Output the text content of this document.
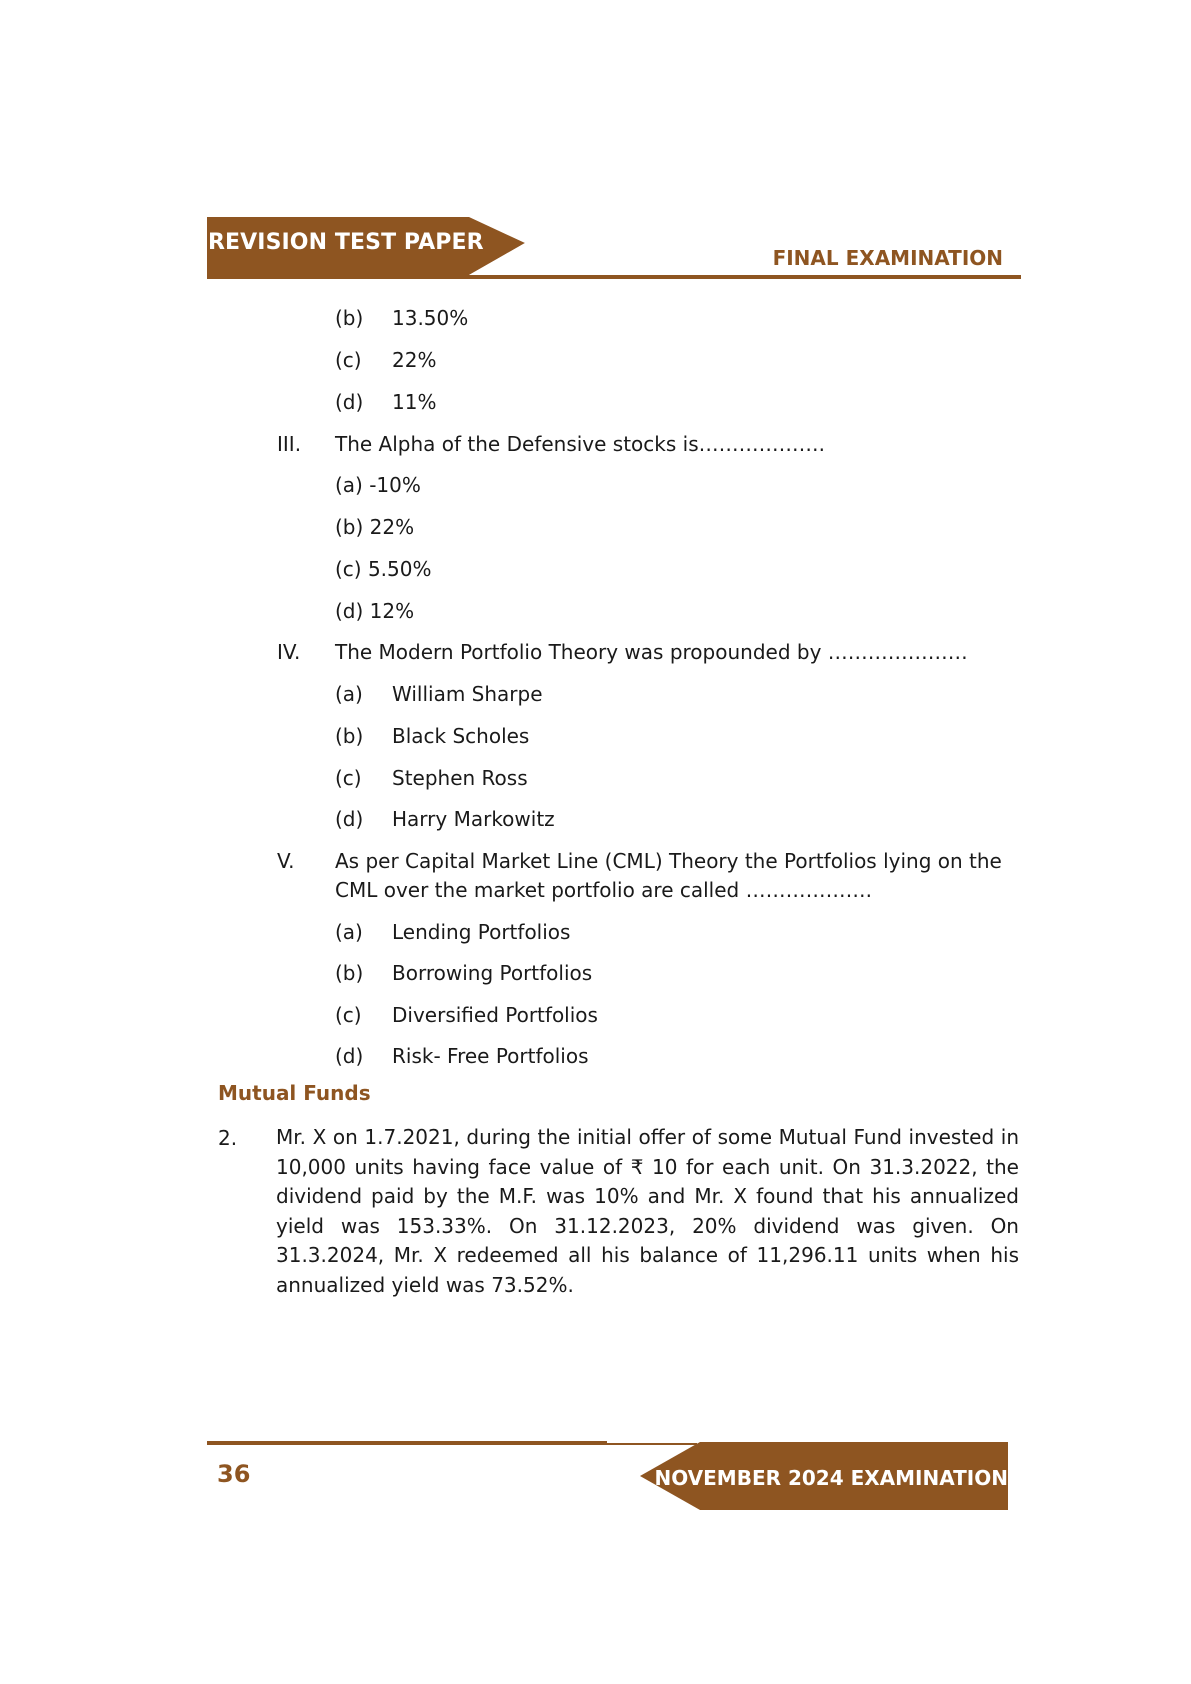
REVISION TEST PAPER
FINAL EXAMINATION
(b) 13.50%
(c) 22%
(d) 11%
III. The Alpha of the Defensive stocks is……………….
(a) -10%
(b) 22%
(c) 5.50%
(d) 12%
IV. The Modern Portfolio Theory was propounded by …………………
(a) William Sharpe
(b) Black Scholes
(c) Stephen Ross
(d) Harry Markowitz
V. As per Capital Market Line (CML) Theory the Portfolios lying on the
CML over the market portfolio are called ……………….
(a) Lending Portfolios
(b) Borrowing Portfolios
(c) Diversified Portfolios
(d) Risk- Free Portfolios
Mutual Funds
2. Mr. X on 1.7.2021, during the initial offer of some Mutual Fund invested in 10,000 units having face value of ₹ 10 for each unit. On 31.3.2022, the dividend paid by the M.F. was 10% and Mr. X found that his annualized yield was 153.33%. On 31.12.2023, 20% dividend was given. On 31.3.2024, Mr. X redeemed all his balance of 11,296.11 units when his annualized yield was 73.52%.

36	NOVEMBER 2024 EXAMINATION
